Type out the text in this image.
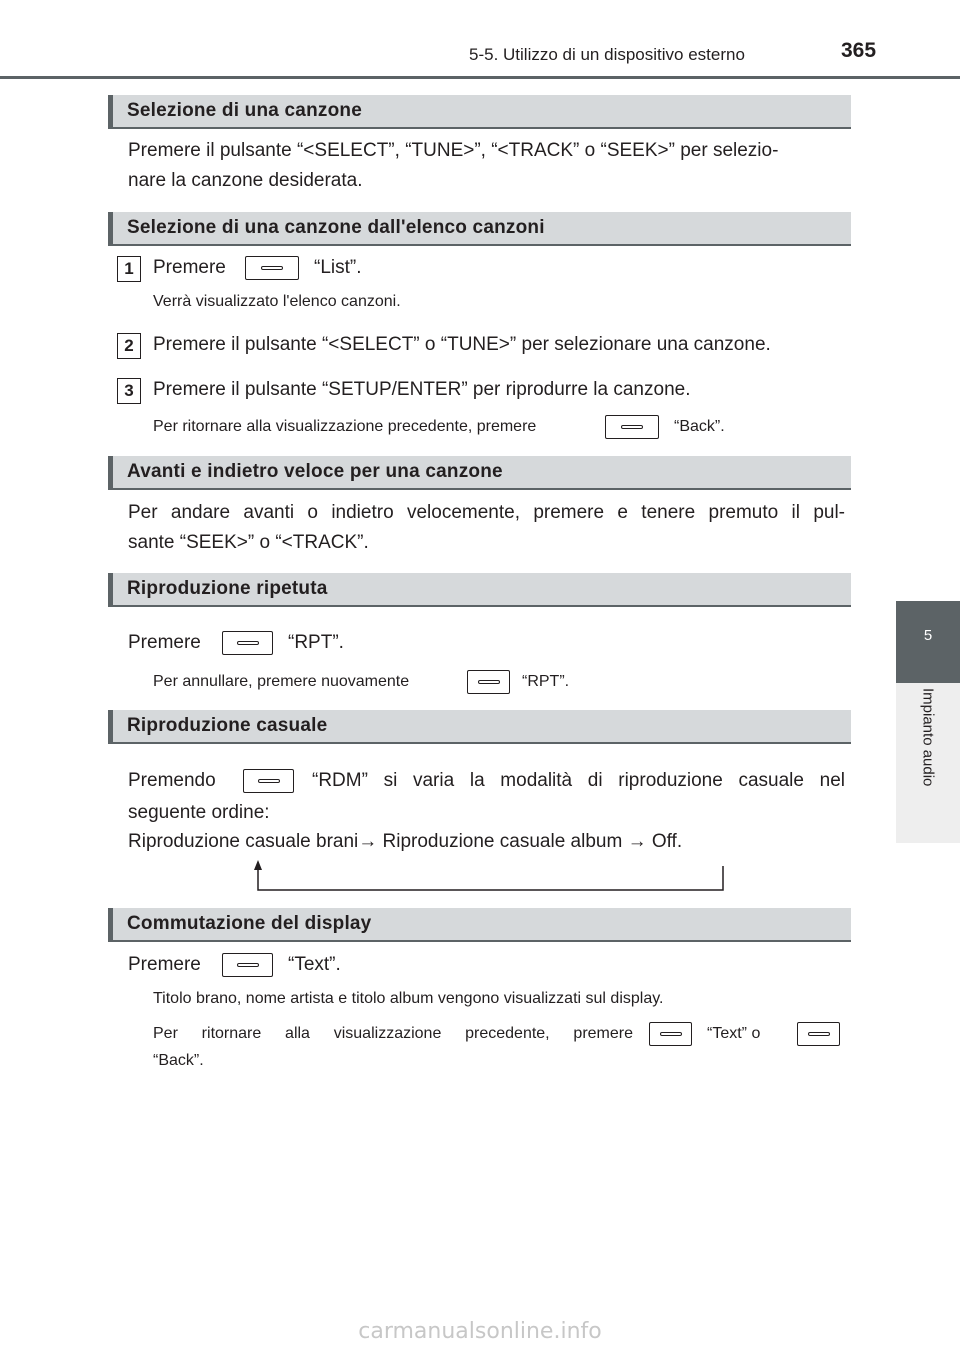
5-5. Utilizzo di un dispositivo esterno	365
5
Impianto audio
Selezione di una canzone
Premere il pulsante “<SELECT”, “TUNE>”, “<TRACK” o “SEEK>” per selezio-
nare la canzone desiderata.
Selezione di una canzone dall'elenco canzoni
1	Premere	“List”.
Verrà visualizzato l'elenco canzoni.
2	Premere il pulsante “<SELECT” o “TUNE>” per selezionare una canzone.
3	Premere il pulsante “SETUP/ENTER” per riprodurre la canzone.
Per ritornare alla visualizzazione precedente, premere	“Back”.
Avanti e indietro veloce per una canzone
Per andare avanti o indietro velocemente, premere e tenere premuto il pul-
sante “SEEK>” o “<TRACK”.
Riproduzione ripetuta
Premere	“RPT”.
Per annullare, premere nuovamente	“RPT”.
Riproduzione casuale
Premendo	“RDM” si varia la modalità di riproduzione casuale nel
seguente ordine:
Riproduzione casuale brani→ Riproduzione casuale album → Off.
Commutazione del display
Premere	“Text”.
Titolo brano, nome artista e titolo album vengono visualizzati sul display.
Per ritornare alla visualizzazione precedente, premere	“Text” o
“Back”.
carmanualsonline.info
